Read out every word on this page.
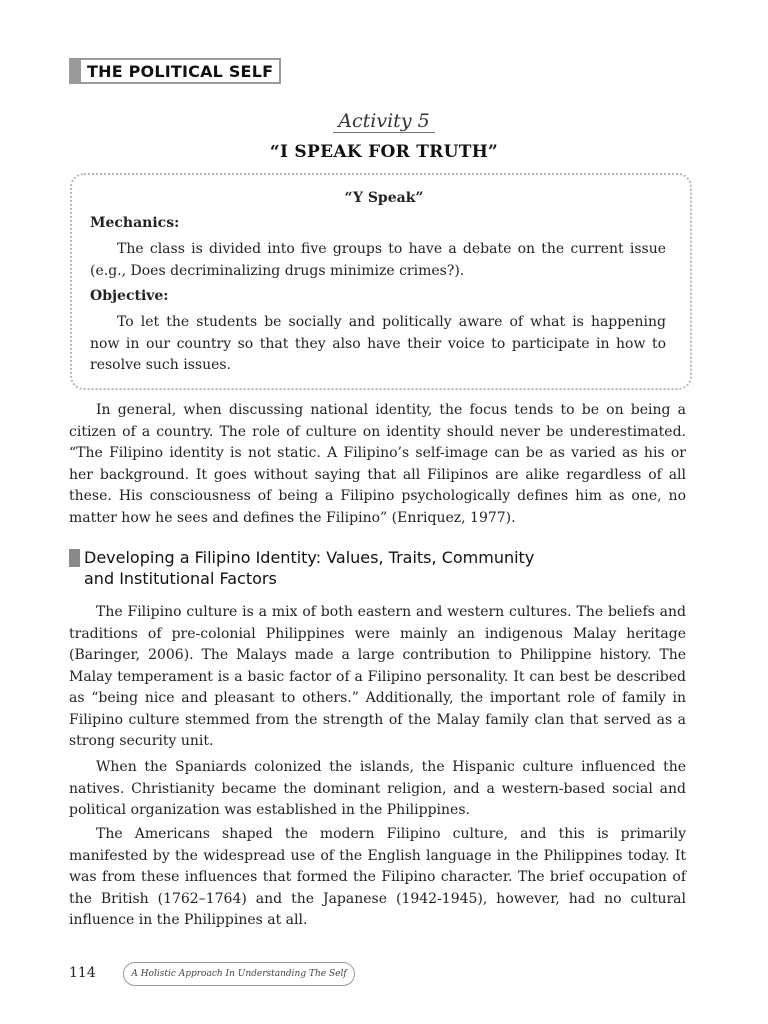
THE POLITICAL SELF
Activity 5
“I SPEAK FOR TRUTH”
“Y Speak”
Mechanics:
The class is divided into five groups to have a debate on the current issue (e.g., Does decriminalizing drugs minimize crimes?).
Objective:
To let the students be socially and politically aware of what is happening now in our country so that they also have their voice to participate in how to resolve such issues.
In general, when discussing national identity, the focus tends to be on being a citizen of a country. The role of culture on identity should never be underestimated. “The Filipino identity is not static. A Filipino’s self-image can be as varied as his or her background. It goes without saying that all Filipinos are alike regardless of all these. His consciousness of being a Filipino psychologically defines him as one, no matter how he sees and defines the Filipino” (Enriquez, 1977).
Developing a Filipino Identity: Values, Traits, Community
and Institutional Factors
The Filipino culture is a mix of both eastern and western cultures. The beliefs and traditions of pre-colonial Philippines were mainly an indigenous Malay heritage (Baringer, 2006). The Malays made a large contribution to Philippine history. The Malay temperament is a basic factor of a Filipino personality. It can best be described as “being nice and pleasant to others.” Additionally, the important role of family in Filipino culture stemmed from the strength of the Malay family clan that served as a strong security unit.
When the Spaniards colonized the islands, the Hispanic culture influenced the natives. Christianity became the dominant religion, and a western-based social and political organization was established in the Philippines.
The Americans shaped the modern Filipino culture, and this is primarily manifested by the widespread use of the English language in the Philippines today. It was from these influences that formed the Filipino character. The brief occupation of the British (1762–1764) and the Japanese (1942-1945), however, had no cultural influence in the Philippines at all.
114	A Holistic Approach In Understanding The Self
